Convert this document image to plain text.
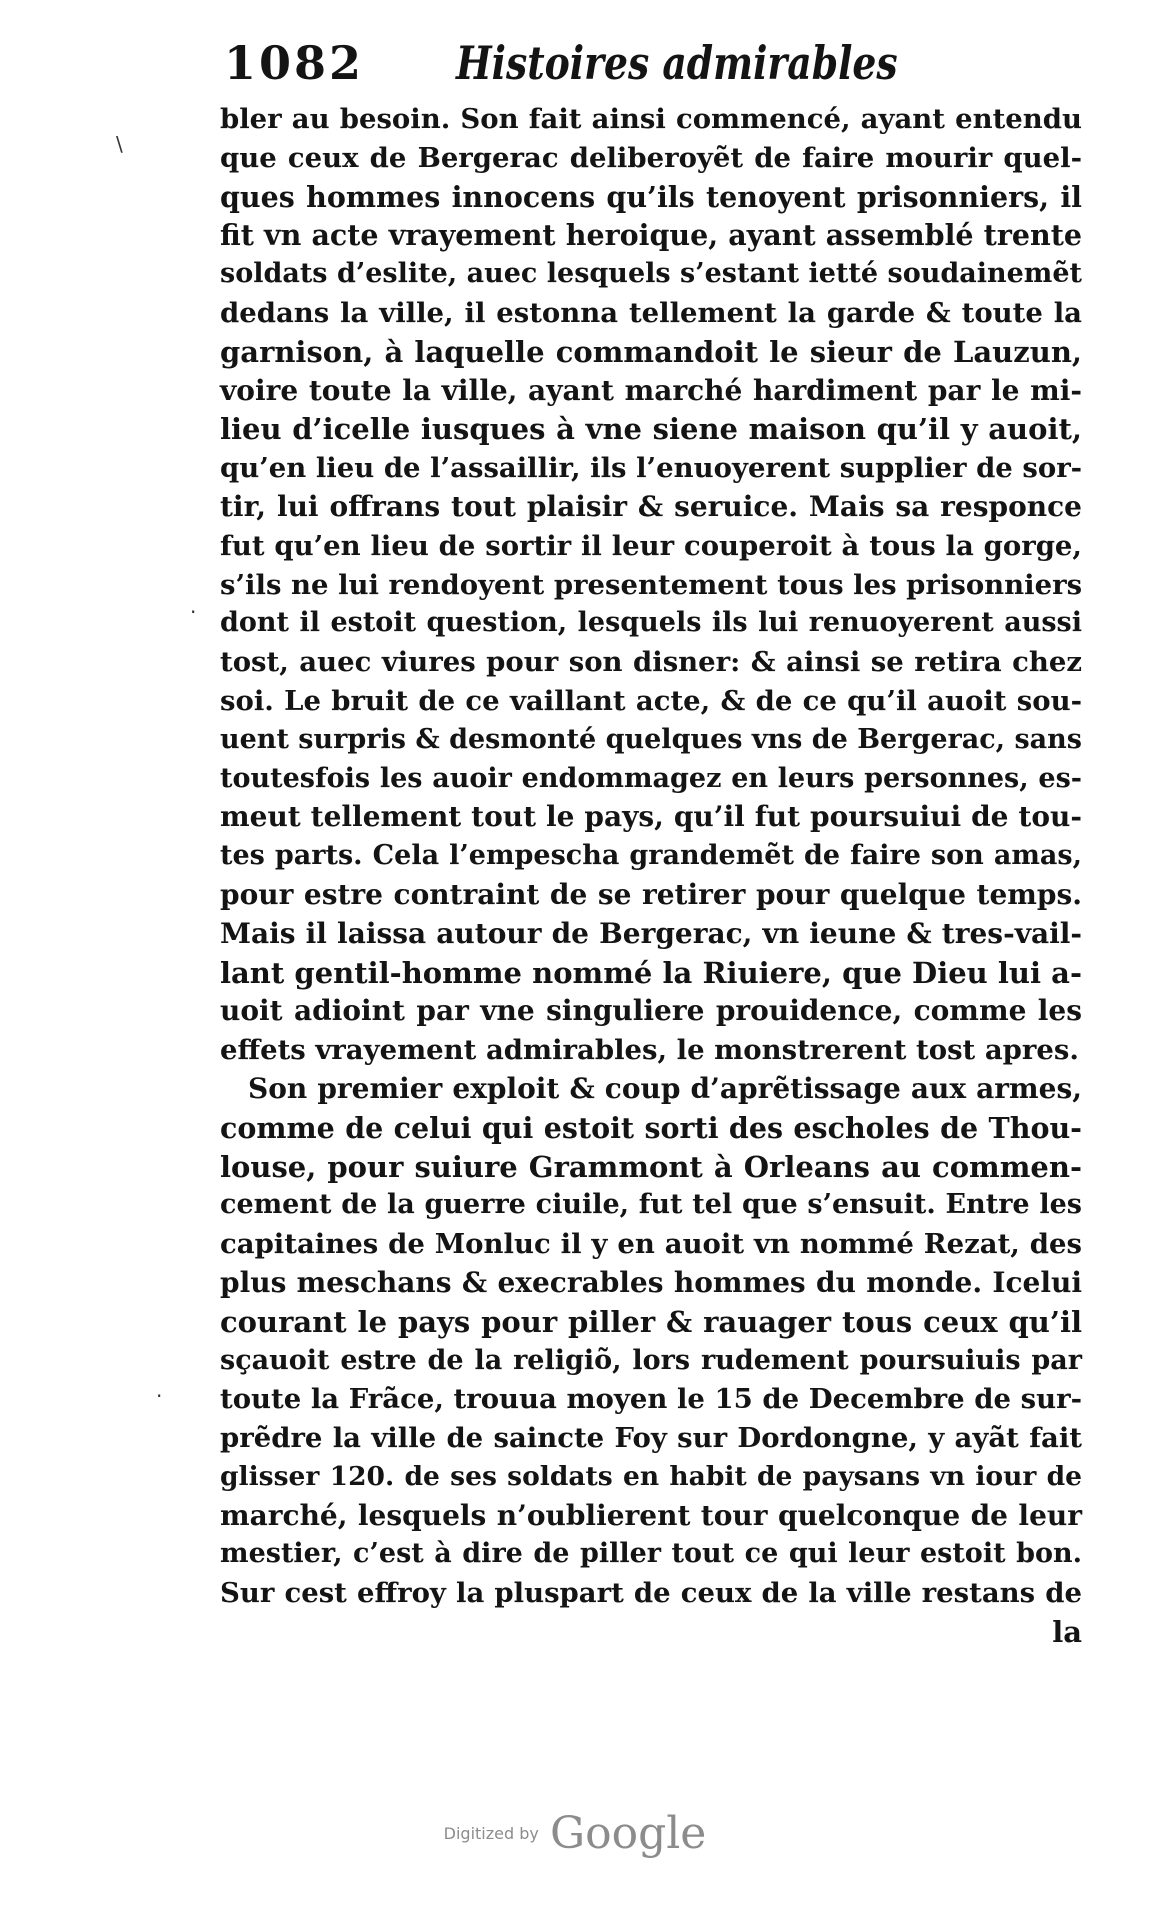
1082 Histoires admirables
bler au besoin. Son fait ainsi commencé, ayant entendu
que ceux de Bergerac deliberoyẽt de faire mourir quel-
ques hommes innocens qu’ils tenoyent prisonniers, il
fit vn acte vrayement heroique, ayant assemblé trente
soldats d’eslite, auec lesquels s’estant ietté soudainemẽt
dedans la ville, il estonna tellement la garde & toute la
garnison, à laquelle commandoit le sieur de Lauzun,
voire toute la ville, ayant marché hardiment par le mi-
lieu d’icelle iusques à vne siene maison qu’il y auoit,
qu’en lieu de l’assaillir, ils l’enuoyerent supplier de sor-
tir, lui offrans tout plaisir & seruice. Mais sa responce
fut qu’en lieu de sortir il leur couperoit à tous la gorge,
s’ils ne lui rendoyent presentement tous les prisonniers
dont il estoit question, lesquels ils lui renuoyerent aussi
tost, auec viures pour son disner: & ainsi se retira chez
soi. Le bruit de ce vaillant acte, & de ce qu’il auoit sou-
uent surpris & desmonté quelques vns de Bergerac, sans
toutesfois les auoir endommagez en leurs personnes, es-
meut tellement tout le pays, qu’il fut poursuiui de tou-
tes parts. Cela l’empescha grandemẽt de faire son amas,
pour estre contraint de se retirer pour quelque temps.
Mais il laissa autour de Bergerac, vn ieune & tres-vail-
lant gentil-homme nommé la Riuiere, que Dieu lui a-
uoit adioint par vne singuliere prouidence, comme les
effets vrayement admirables, le monstrerent tost apres.
Son premier exploit & coup d’aprẽtissage aux armes,
comme de celui qui estoit sorti des escholes de Thou-
louse, pour suiure Grammont à Orleans au commen-
cement de la guerre ciuile, fut tel que s’ensuit. Entre les
capitaines de Monluc il y en auoit vn nommé Rezat, des
plus meschans & execrables hommes du monde. Icelui
courant le pays pour piller & rauager tous ceux qu’il
sçauoit estre de la religiõ, lors rudement poursuiuis par
toute la Frãce, trouua moyen le 15 de Decembre de sur-
prẽdre la ville de saincte Foy sur Dordongne, y ayãt fait
glisser 120. de ses soldats en habit de paysans vn iour de
marché, lesquels n’oublierent tour quelconque de leur
mestier, c’est à dire de piller tout ce qui leur estoit bon.
Sur cest effroy la pluspart de ceux de la ville restans de
la
\
·
·
Digitized by Google
